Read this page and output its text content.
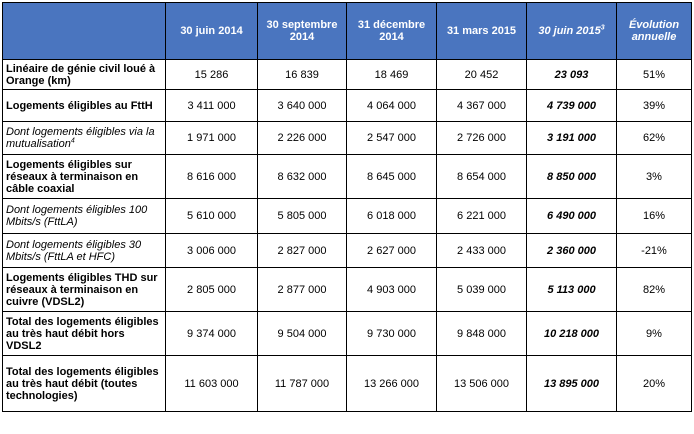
	30 juin 2014	30 septembre 2014	31 décembre 2014	31 mars 2015	30 juin 2015$^3$	Évolution annuelle
Linéaire de génie civil loué à Orange (km)	15 286	16 839	18 469	20 452	23 093	51%
Logements éligibles au FttH	3 411 000	3 640 000	4 064 000	4 367 000	4 739 000	39%
Dont logements éligibles via la mutualisation$^4$	1 971 000	2 226 000	2 547 000	2 726 000	3 191 000	62%
Logements éligibles sur réseaux à terminaison en câble coaxial	8 616 000	8 632 000	8 645 000	8 654 000	8 850 000	3%
Dont logements éligibles 100 Mbits/s (FttLA)	5 610 000	5 805 000	6 018 000	6 221 000	6 490 000	16%
Dont logements éligibles 30 Mbits/s (FttLA et HFC)	3 006 000	2 827 000	2 627 000	2 433 000	2 360 000	-21%
Logements éligibles THD sur réseaux à terminaison en cuivre (VDSL2)	2 805 000	2 877 000	4 903 000	5 039 000	5 113 000	82%
Total des logements éligibles au très haut débit hors VDSL2	9 374 000	9 504 000	9 730 000	9 848 000	10 218 000	9%
Total des logements éligibles au très haut débit (toutes technologies)	11 603 000	11 787 000	13 266 000	13 506 000	13 895 000	20%
